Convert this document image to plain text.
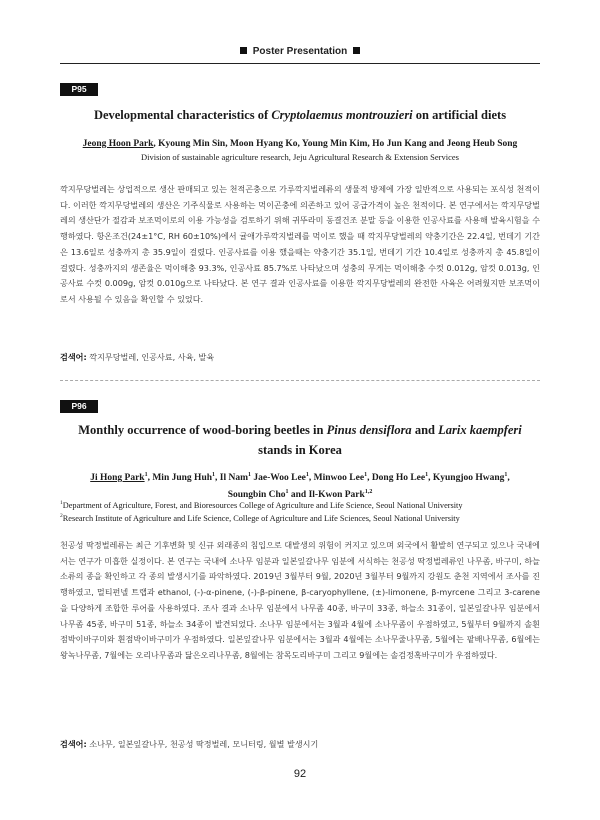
Poster Presentation
P95
Developmental characteristics of Cryptolaemus montrouzieri on artificial diets
Jeong Hoon Park, Kyoung Min Sin, Moon Hyang Ko, Young Min Kim, Ho Jun Kang and Jeong Heub Song
Division of sustainable agriculture research, Jeju Agricultural Research & Extension Services

깍지무당벌레는 상업적으로 생산 판매되고 있는 천적곤충으로 가루깍지벌레류의 생물적 방제에 가장 일반적으로 사용되는 포식성 천적이다. 이러한 깍지무당벌레의 생산은 기주식물로 사용하는 먹이곤충에 의존하고 있어 공급가격이 높은 천적이다. 본 연구에서는 깍지무당벌레의 생산단가 절감과 보조먹이로의 이용 가능성을 검토하기 위해 귀뚜라미 동결건조 분말 등을 이용한 인공사료를 사용해 발육시험을 수행하였다. 항온조건(24±1°C, RH 60±10%)에서 귤애가루깍지벌레를 먹이로 했을 때 깍지무당벌레의 약충기간은 22.4일, 번데기 기간은 13.6일로 성충까지 총 35.9일이 걸렸다. 인공사료를 이용 했을때는 약충기간 35.1일, 번데기 기간 10.4일로 성충까지 총 45.8일이 걸렸다. 성충까지의 생존율은 먹이해충 93.3%, 인공사료 85.7%로 나타났으며 성충의 무게는 먹이해충 수컷 0.012g, 암컷 0.013g, 인공사료 수컷 0.009g, 암컷 0.010g으로 나타났다. 본 연구 결과 인공사료를 이용한 깍지무당벌레의 완전한 사육은 어려웠지만 보조먹이로서 사용될 수 있음을 확인할 수 있었다.

검색어: 깍지무당벌레, 인공사료, 사육, 발육
P96
Monthly occurrence of wood-boring beetles in Pinus densiflora and Larix kaempferi
stands in Korea
Ji Hong Park$^1$, Min Jung Huh$^1$, Il Nam$^1$ Jae-Woo Lee$^1$, Minwoo Lee$^1$, Dong Ho Lee$^1$, Kyungjoo Hwang$^1$,
Soungbin Cho$^1$ and Il-Kwon Park$^{1,2}$
$^1$Department of Agriculture, Forest, and Bioresources College of Agriculture and Life Science, Seoul National University
$^2$Research Institute of Agriculture and Life Science, College of Agriculture and Life Sciences, Seoul National University

천공성 딱정벌레류는 최근 기후변화 및 신규 외래종의 침입으로 대발생의 위험이 커지고 있으며 외국에서 활발히 연구되고 있으나 국내에서는 연구가 미흡한 실정이다. 본 연구는 국내에 소나무 임분과 일본잎갈나무 임분에 서식하는 천공성 딱정벌레류인 나무좀, 바구미, 하늘소류의 종을 확인하고 각 종의 발생시기를 파악하였다. 2019년 3월부터 9월, 2020년 3월부터 9월까지 강원도 춘천 지역에서 조사를 진행하였고, 멀티펀넬 트랩과 ethanol, (-)-α-pinene, (-)-β-pinene, β-caryophyllene, (±)-limonene, β-myrcene 그리고 3-carene을 다양하게 조합한 루어를 사용하였다. 조사 결과 소나무 임분에서 나무좀 40종, 바구미 33종, 하늘소 31종이, 일본잎갈나무 임분에서 나무좀 45종, 바구미 51종, 하늘소 34종이 발견되었다. 소나무 임분에서는 3월과 4월에 소나무좀이 우점하였고, 5월부터 9월까지 솔흰점박이바구미와 흰점박이바구미가 우점하였다. 일본잎갈나무 임분에서는 3월과 4월에는 소나무줄나무좀, 5월에는 팥배나무좀, 6월에는 왕녹나무좀, 7월에는 오리나무좀과 닮은오리나무좀, 8월에는 참목도리바구미 그리고 9월에는 솔검정혹바구미가 우점하였다.

검색어: 소나무, 일본잎갈나무, 천공성 딱정벌레, 모니터링, 월별 발생시기
92
